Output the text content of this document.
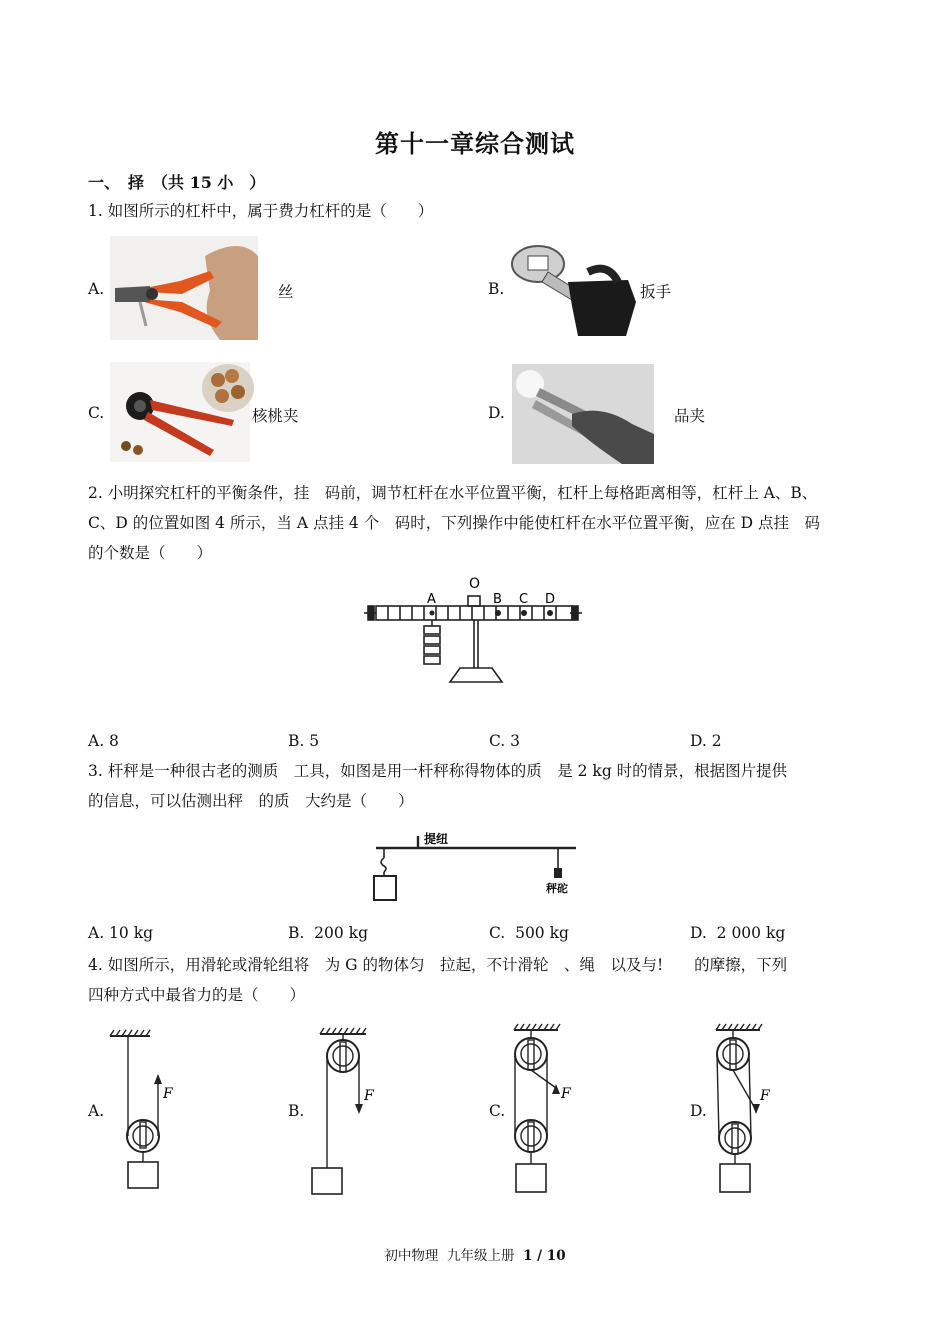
第十一章综合测试
一、　择　（共 15 小　）
1. 如图所示的杠杆中，属于费力杠杆的是（　　）
A.	丝	B.	扳手
C.	核桃夹	D.	品夹
2. 小明探究杠杆的平衡条件，挂　码前，调节杠杆在水平位置平衡，杠杆上每格距离相等，杠杆上 A、B、
C、D 的位置如图 4 所示，当 A 点挂 4 个　码时，下列操作中能使杠杆在水平位置平衡，应在 D 点挂　码
的个数是（　　）
O
A	B C D
A. 8	B. 5	C. 3	D. 2
3. 杆秤是一种很古老的测质　工具，如图是用一杆秤称得物体的质　是 2 kg 时的情景，根据图片提供
的信息，可以估测出秤　的质　大约是（　　）
提纽
秤砣
A. 10 kg	B.  200 kg	C.  500 kg	D.  2 000 kg
4. 如图所示，用滑轮或滑轮组将　为 G 的物体匀　拉起，不计滑轮　、绳　以及与!　　的摩擦，下列
四种方式中最省力的是（　　）
A.
F
B.
F
C.
F
D.
F
初中物理  九年级上册  1 / 10
